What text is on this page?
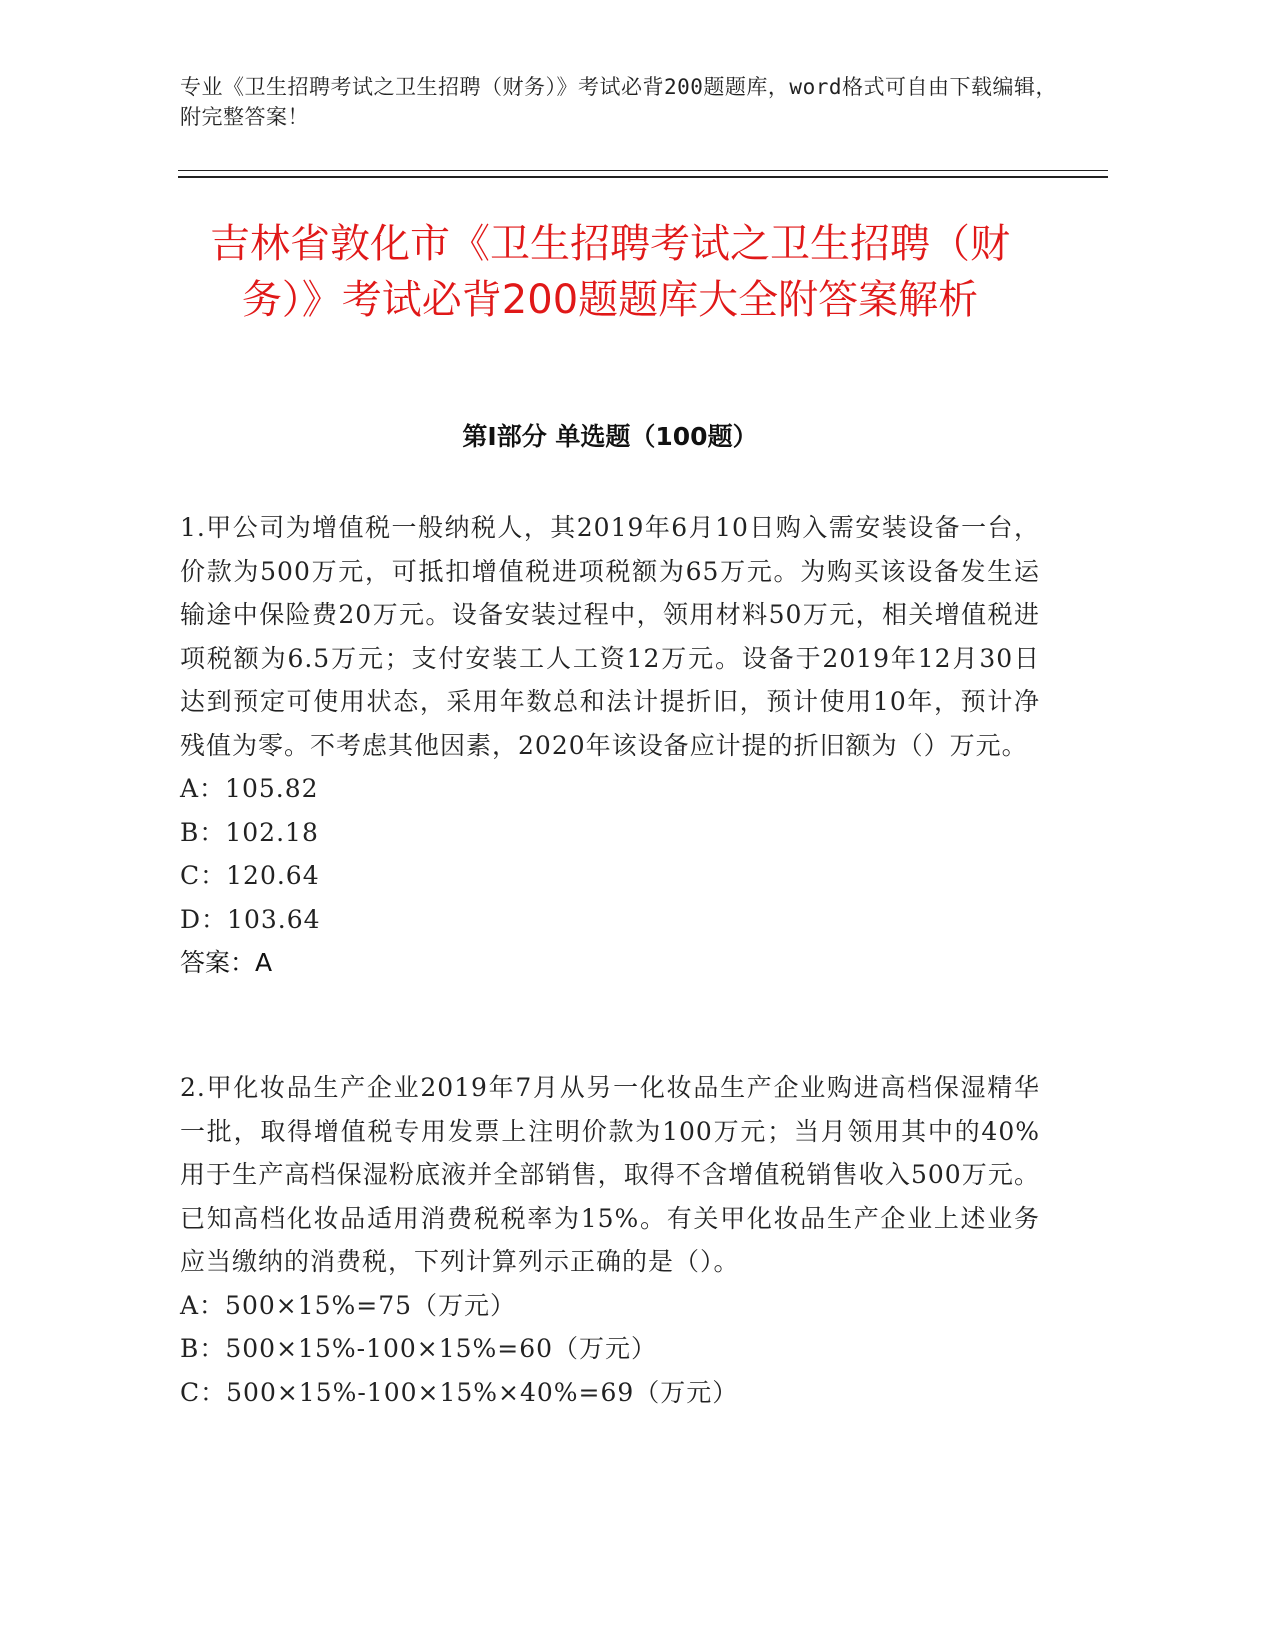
专业《卫生招聘考试之卫生招聘（财务）》考试必背200题题库，word格式可自由下载编辑，附完整答案！
吉林省敦化市《卫生招聘考试之卫生招聘（财务）》考试必背200题题库大全附答案解析
第I部分 单选题（100题）

1.甲公司为增值税一般纳税人，其2019年6月10日购入需安装设备一台，价款为500万元，可抵扣增值税进项税额为65万元。为购买该设备发生运输途中保险费20万元。设备安装过程中，领用材料50万元，相关增值税进项税额为6.5万元；支付安装工人工资12万元。设备于2019年12月30日达到预定可使用状态，采用年数总和法计提折旧，预计使用10年，预计净残值为零。不考虑其他因素，2020年该设备应计提的折旧额为（）万元。

A：105.82
B：102.18
C：120.64
D：103.64

答案：A

2.甲化妆品生产企业2019年7月从另一化妆品生产企业购进高档保湿精华一批，取得增值税专用发票上注明价款为100万元；当月领用其中的40%用于生产高档保湿粉底液并全部销售，取得不含增值税销售收入500万元。已知高档化妆品适用消费税税率为15%。有关甲化妆品生产企业上述业务应当缴纳的消费税，下列计算列示正确的是（）。

A：500×15%=75（万元）
B：500×15%-100×15%=60（万元）
C：500×15%-100×15%×40%=69（万元）
